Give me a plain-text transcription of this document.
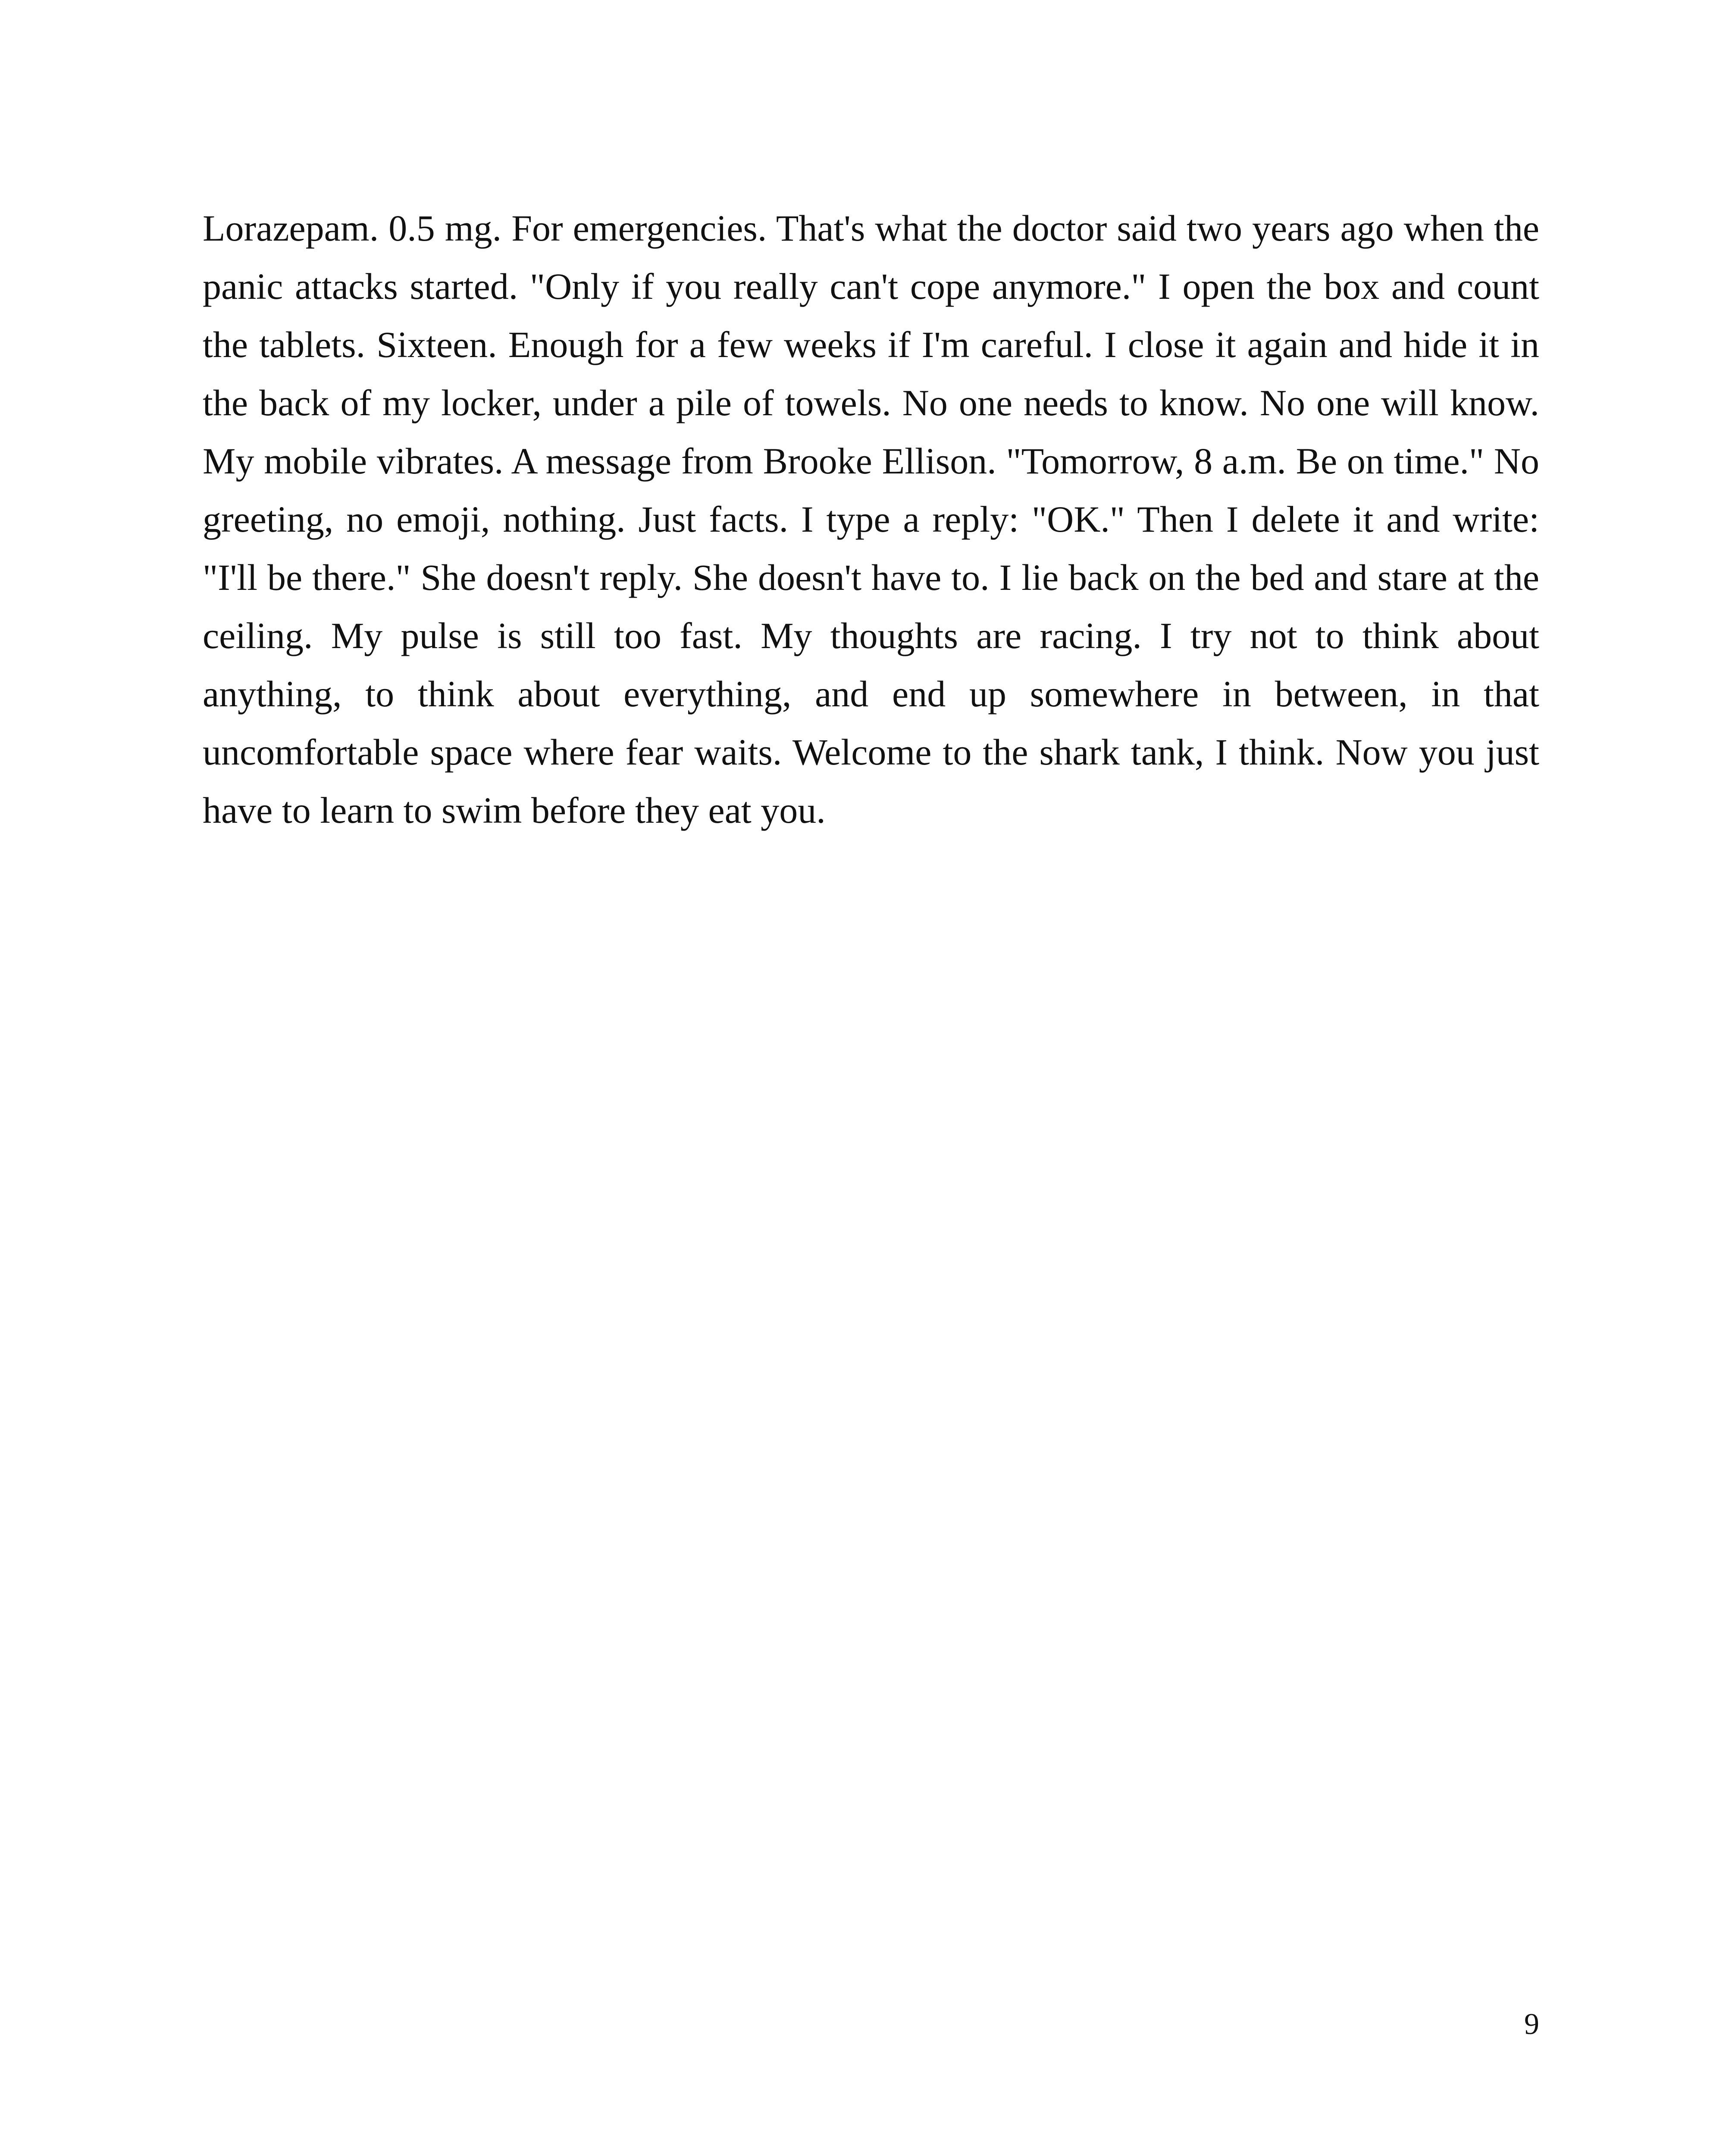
Lorazepam. 0.5 mg. For emergencies. That's what the doctor said two years ago when the panic attacks started. "Only if you really can't cope anymore." I open the box and count the tablets. Sixteen. Enough for a few weeks if I'm careful. I close it again and hide it in the back of my locker, under a pile of towels. No one needs to know. No one will know. My mobile vibrates. A message from Brooke Ellison. "Tomorrow, 8 a.m. Be on time." No greeting, no emoji, nothing. Just facts. I type a reply: "OK." Then I delete it and write: "I'll be there." She doesn't reply. She doesn't have to. I lie back on the bed and stare at the ceiling. My pulse is still too fast. My thoughts are racing. I try not to think about anything, to think about everything, and end up somewhere in between, in that uncomfortable space where fear waits. Welcome to the shark tank, I think. Now you just have to learn to swim before they eat you.

9
